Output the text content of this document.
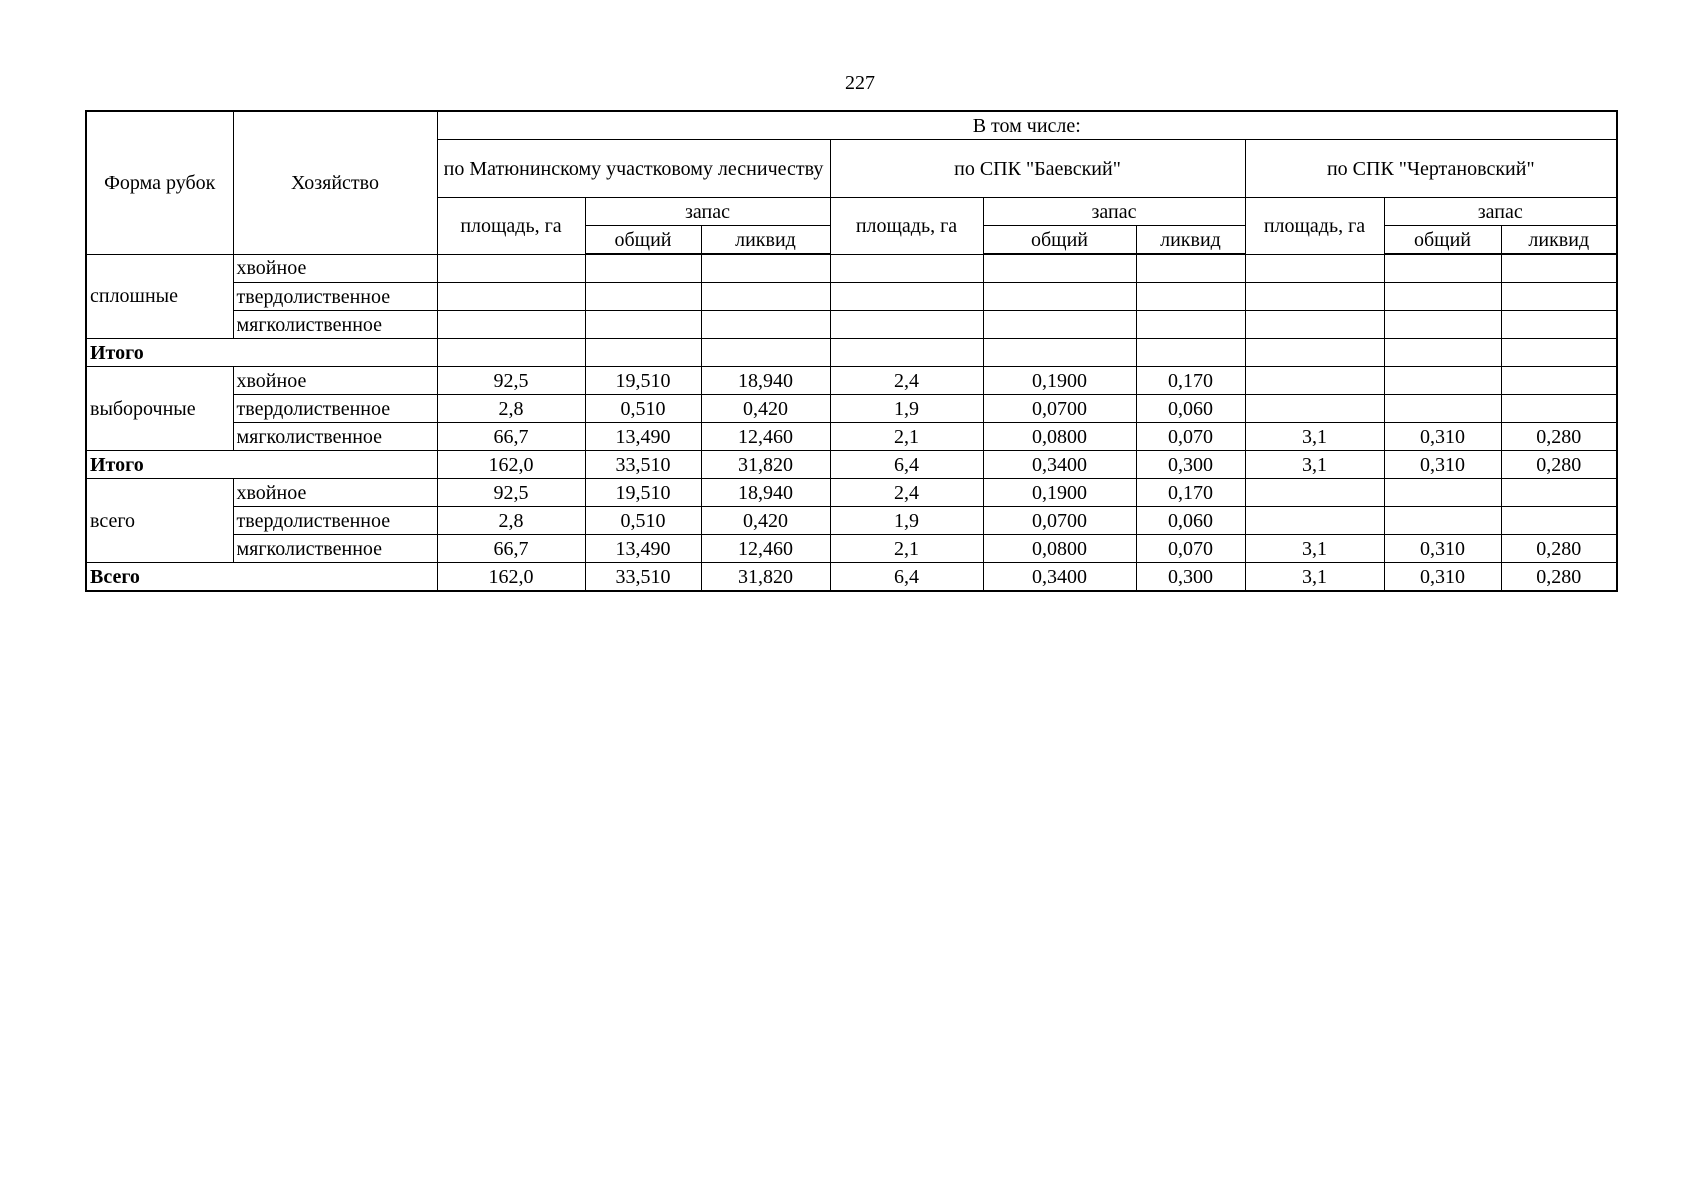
227
Форма рубок	Хозяйство	В том числе:								
		по Матюнинскому участковому лесничеству			по СПК "Баевский"			по СПК "Чертановский"		
		площадь, га	запас		площадь, га	запас		площадь, га	запас	
			общий	ликвид		общий	ликвид		общий	ликвид
сплошные	хвойное									
	твердолиственное									
	мягколиственное									
Итого										
выборочные	хвойное	92,5	19,510	18,940	2,4	0,1900	0,170			
	твердолиственное	2,8	0,510	0,420	1,9	0,0700	0,060			
	мягколиственное	66,7	13,490	12,460	2,1	0,0800	0,070	3,1	0,310	0,280
Итого		162,0	33,510	31,820	6,4	0,3400	0,300	3,1	0,310	0,280
всего	хвойное	92,5	19,510	18,940	2,4	0,1900	0,170			
	твердолиственное	2,8	0,510	0,420	1,9	0,0700	0,060			
	мягколиственное	66,7	13,490	12,460	2,1	0,0800	0,070	3,1	0,310	0,280
Всего		162,0	33,510	31,820	6,4	0,3400	0,300	3,1	0,310	0,280
